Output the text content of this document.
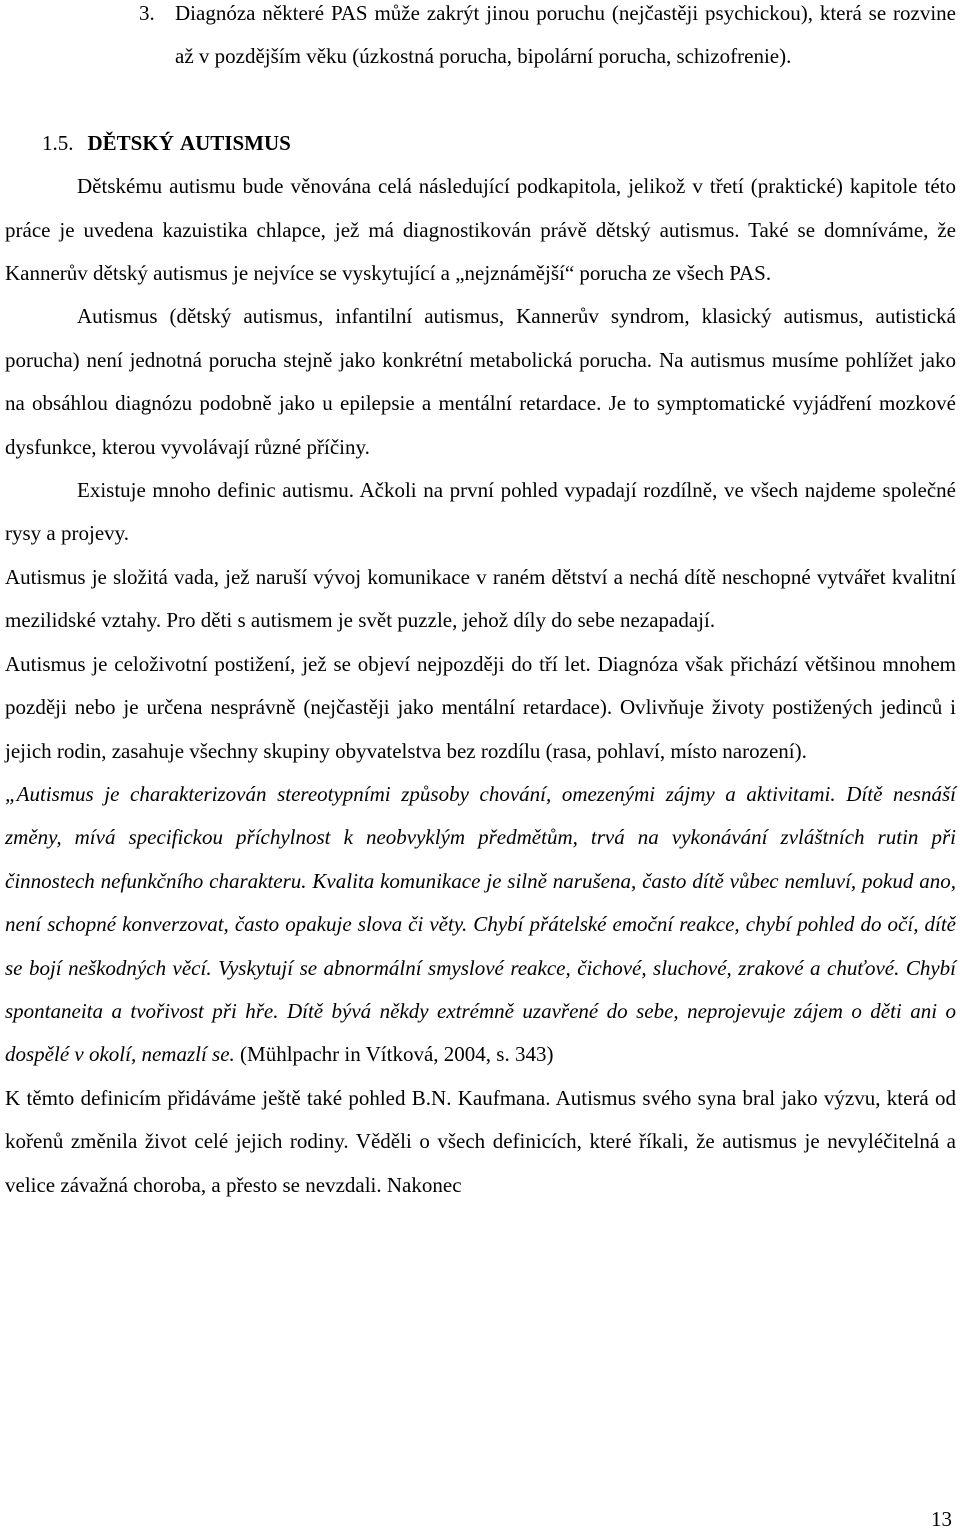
3. Diagnóza některé PAS může zakrýt jinou poruchu (nejčastěji psychickou), která se rozvine až v pozdějším věku (úzkostná porucha, bipolární porucha, schizofrenie).

1.5. DĚTSKÝ AUTISMUS

Dětskému autismu bude věnována celá následující podkapitola, jelikož v třetí (praktické) kapitole této práce je uvedena kazuistika chlapce, jež má diagnostikován právě dětský autismus. Také se domníváme, že Kannerův dětský autismus je nejvíce se vyskytující a „nejznámější“ porucha ze všech PAS.

Autismus (dětský autismus, infantilní autismus, Kannerův syndrom, klasický autismus, autistická porucha) není jednotná porucha stejně jako konkrétní metabolická porucha. Na autismus musíme pohlížet jako na obsáhlou diagnózu podobně jako u epilepsie a mentální retardace. Je to symptomatické vyjádření mozkové dysfunkce, kterou vyvolávají různé příčiny.

Existuje mnoho definic autismu. Ačkoli na první pohled vypadají rozdílně, ve všech najdeme společné rysy a projevy.

Autismus je složitá vada, jež naruší vývoj komunikace v raném dětství a nechá dítě neschopné vytvářet kvalitní mezilidské vztahy. Pro děti s autismem je svět puzzle, jehož díly do sebe nezapadají.

Autismus je celoživotní postižení, jež se objeví nejpozději do tří let. Diagnóza však přichází většinou mnohem později nebo je určena nesprávně (nejčastěji jako mentální retardace). Ovlivňuje životy postižených jedinců i jejich rodin, zasahuje všechny skupiny obyvatelstva bez rozdílu (rasa, pohlaví, místo narození).

„Autismus je charakterizován stereotypními způsoby chování, omezenými zájmy a aktivitami. Dítě nesnáší změny, mívá specifickou příchylnost k neobvyklým předmětům, trvá na vykonávání zvláštních rutin při činnostech nefunkčního charakteru. Kvalita komunikace je silně narušena, často dítě vůbec nemluví, pokud ano, není schopné konverzovat, často opakuje slova či věty. Chybí přátelské emoční reakce, chybí pohled do očí, dítě se bojí neškodných věcí. Vyskytují se abnormální smyslové reakce, čichové, sluchové, zrakové a chuťové. Chybí spontaneita a tvořivost při hře. Dítě bývá někdy extrémně uzavřené do sebe, neprojevuje zájem o děti ani o dospělé v okolí, nemazlí se. (Mühlpachr in Vítková, 2004, s. 343)

K těmto definicím přidáváme ještě také pohled B.N. Kaufmana. Autismus svého syna bral jako výzvu, která od kořenů změnila život celé jejich rodiny. Věděli o všech definicích, které říkali, že autismus je nevyléčitelná a velice závažná choroba, a přesto se nevzdali. Nakonec

13
